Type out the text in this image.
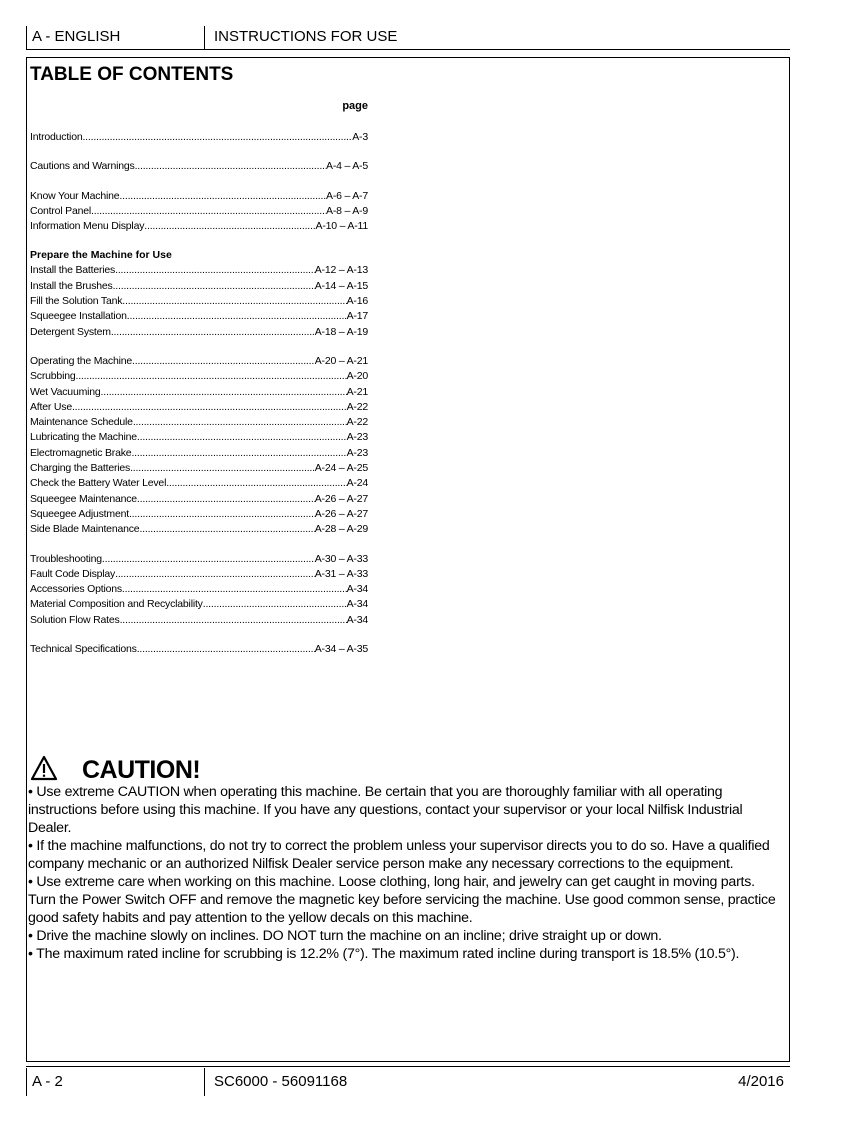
A - ENGLISH	INSTRUCTIONS FOR USE
TABLE OF CONTENTS
page
Introduction .....	A-3
Cautions and Warnings .....	A-4 – A-5
Know Your Machine .....	A-6 – A-7
Control Panel .....	A-8 – A-9
Information Menu Display .....	A-10 – A-11
Prepare the Machine for Use
Install the Batteries .....	A-12 – A-13
Install the Brushes .....	A-14 – A-15
Fill the Solution Tank .....	A-16
Squeegee Installation .....	A-17
Detergent System .....	A-18 – A-19
Operating the Machine .....	A-20 – A-21
Scrubbing .....	A-20
Wet Vacuuming .....	A-21
After Use .....	A-22
Maintenance Schedule .....	A-22
Lubricating the Machine .....	A-23
Electromagnetic Brake .....	A-23
Charging the Batteries .....	A-24 – A-25
Check the Battery Water Level .....	A-24
Squeegee Maintenance .....	A-26 – A-27
Squeegee Adjustment .....	A-26 – A-27
Side Blade Maintenance .....	A-28 – A-29
Troubleshooting .....	A-30 – A-33
Fault Code Display .....	A-31 – A-33
Accessories Options .....	A-34
Material Composition and Recyclability .....	A-34
Solution Flow Rates .....	A-34
Technical Specifications .....	A-34 – A-35
CAUTION!

• Use extreme CAUTION when operating this machine. Be certain that you are thoroughly familiar with all operating instructions before using this machine. If you have any questions, contact your supervisor or your local Nilfisk Industrial Dealer.

• If the machine malfunctions, do not try to correct the problem unless your supervisor directs you to do so. Have a qualified company mechanic or an authorized Nilfisk Dealer service person make any necessary corrections to the equipment.

• Use extreme care when working on this machine. Loose clothing, long hair, and jewelry can get caught in moving parts. Turn the Power Switch OFF and remove the magnetic key before servicing the machine. Use good common sense, practice good safety habits and pay attention to the yellow decals on this machine.

• Drive the machine slowly on inclines. DO NOT turn the machine on an incline; drive straight up or down.

• The maximum rated incline for scrubbing is 12.2% (7°). The maximum rated incline during transport is 18.5% (10.5°).

A - 2	SC6000 - 56091168	4/2016
